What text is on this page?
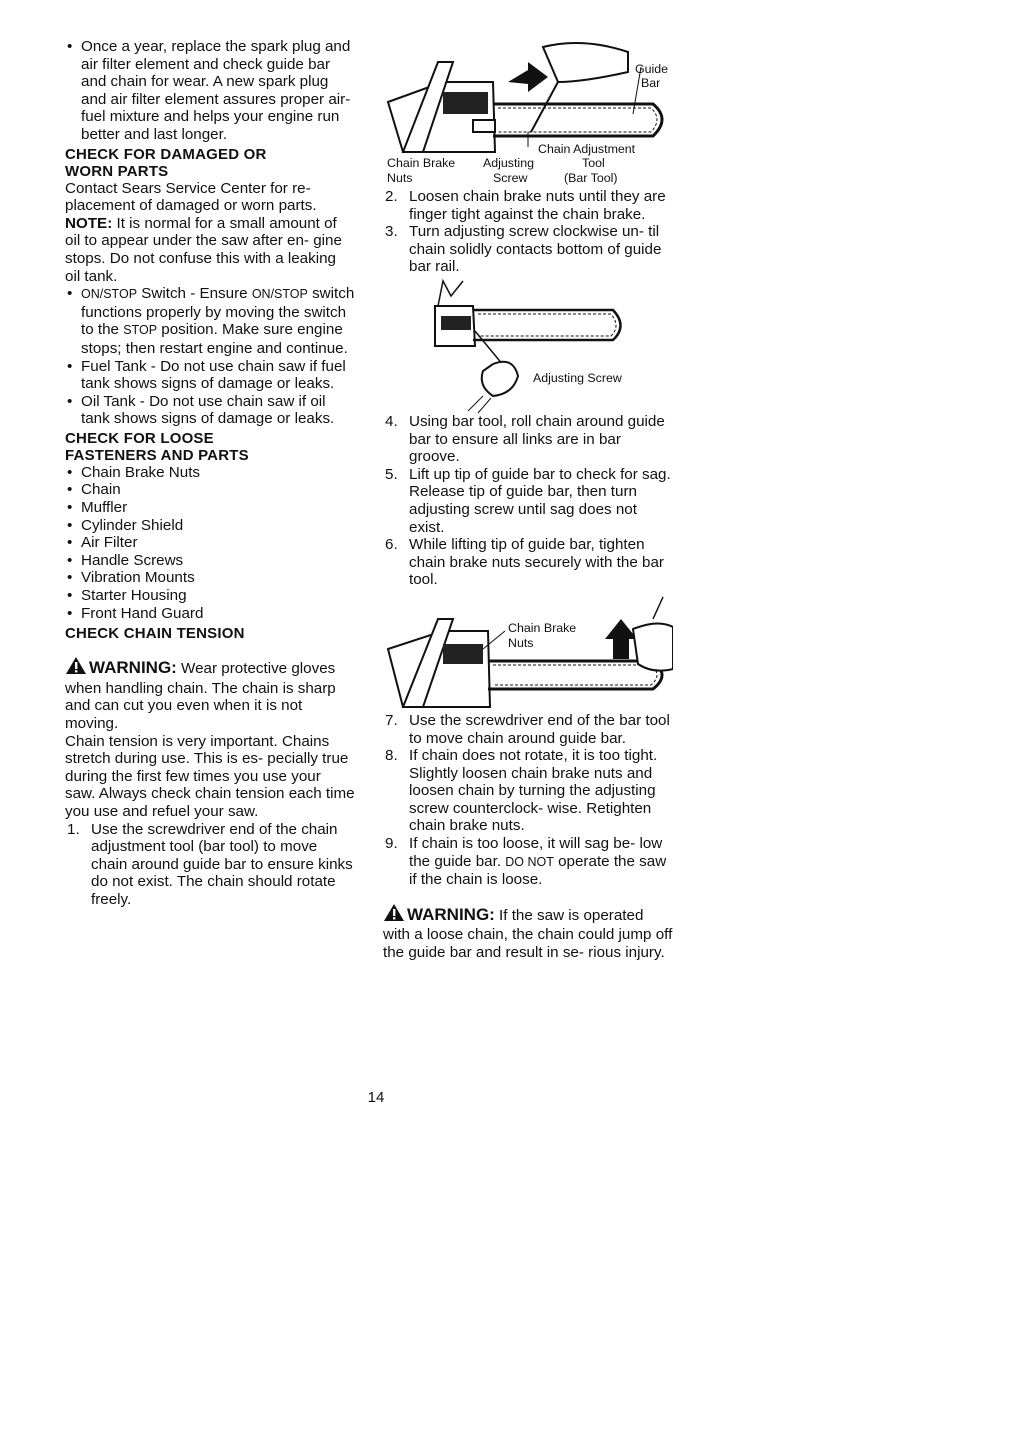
• Once a year, replace the spark plug and air filter element and check guide bar and chain for wear. A new spark plug and air filter element assures proper air-fuel mixture and helps your engine run better and last longer.
CHECK FOR DAMAGED OR
WORN PARTS
Contact Sears Service Center for re- placement of damaged or worn parts.
NOTE: It is normal for a small amount of oil to appear under the saw after en- gine stops. Do not confuse this with a leaking oil tank.
• ON/STOP Switch - Ensure ON/STOP switch functions properly by moving the switch to the STOP position. Make sure engine stops; then restart engine and continue.
• Fuel Tank - Do not use chain saw if fuel tank shows signs of damage or leaks.
• Oil Tank - Do not use chain saw if oil tank shows signs of damage or leaks.
CHECK FOR LOOSE
FASTENERS AND PARTS
• Chain Brake Nuts
• Chain
• Muffler
• Cylinder Shield
• Air Filter
• Handle Screws
• Vibration Mounts
• Starter Housing
• Front Hand Guard
CHECK CHAIN TENSION
WARNING: Wear protective gloves when handling chain. The chain is sharp and can cut you even when it is not moving.
Chain tension is very important. Chains stretch during use. This is es- pecially true during the first few times you use your saw. Always check chain tension each time you use and refuel your saw.
1. Use the screwdriver end of the chain adjustment tool (bar tool) to move chain around guide bar to ensure kinks do not exist. The chain should rotate freely.
Guide
Bar
Chain Adjustment
Chain Brake
Nuts
Adjusting
Screw
Tool
(Bar Tool)
2. Loosen chain brake nuts until they are finger tight against the chain brake.
3. Turn adjusting screw clockwise un- til chain solidly contacts bottom of guide bar rail.
Adjusting Screw
4. Using bar tool, roll chain around guide bar to ensure all links are in bar groove.
5. Lift up tip of guide bar to check for sag. Release tip of guide bar, then turn adjusting screw until sag does not exist.
6. While lifting tip of guide bar, tighten chain brake nuts securely with the bar tool.
Chain Brake
Nuts
7. Use the screwdriver end of the bar tool to move chain around guide bar.
8. If chain does not rotate, it is too tight. Slightly loosen chain brake nuts and loosen chain by turning the adjusting screw counterclock- wise. Retighten chain brake nuts.
9. If chain is too loose, it will sag be- low the guide bar. DO NOT operate the saw if the chain is loose.
WARNING: If the saw is operated with a loose chain, the chain could jump off the guide bar and result in se- rious injury.
14
